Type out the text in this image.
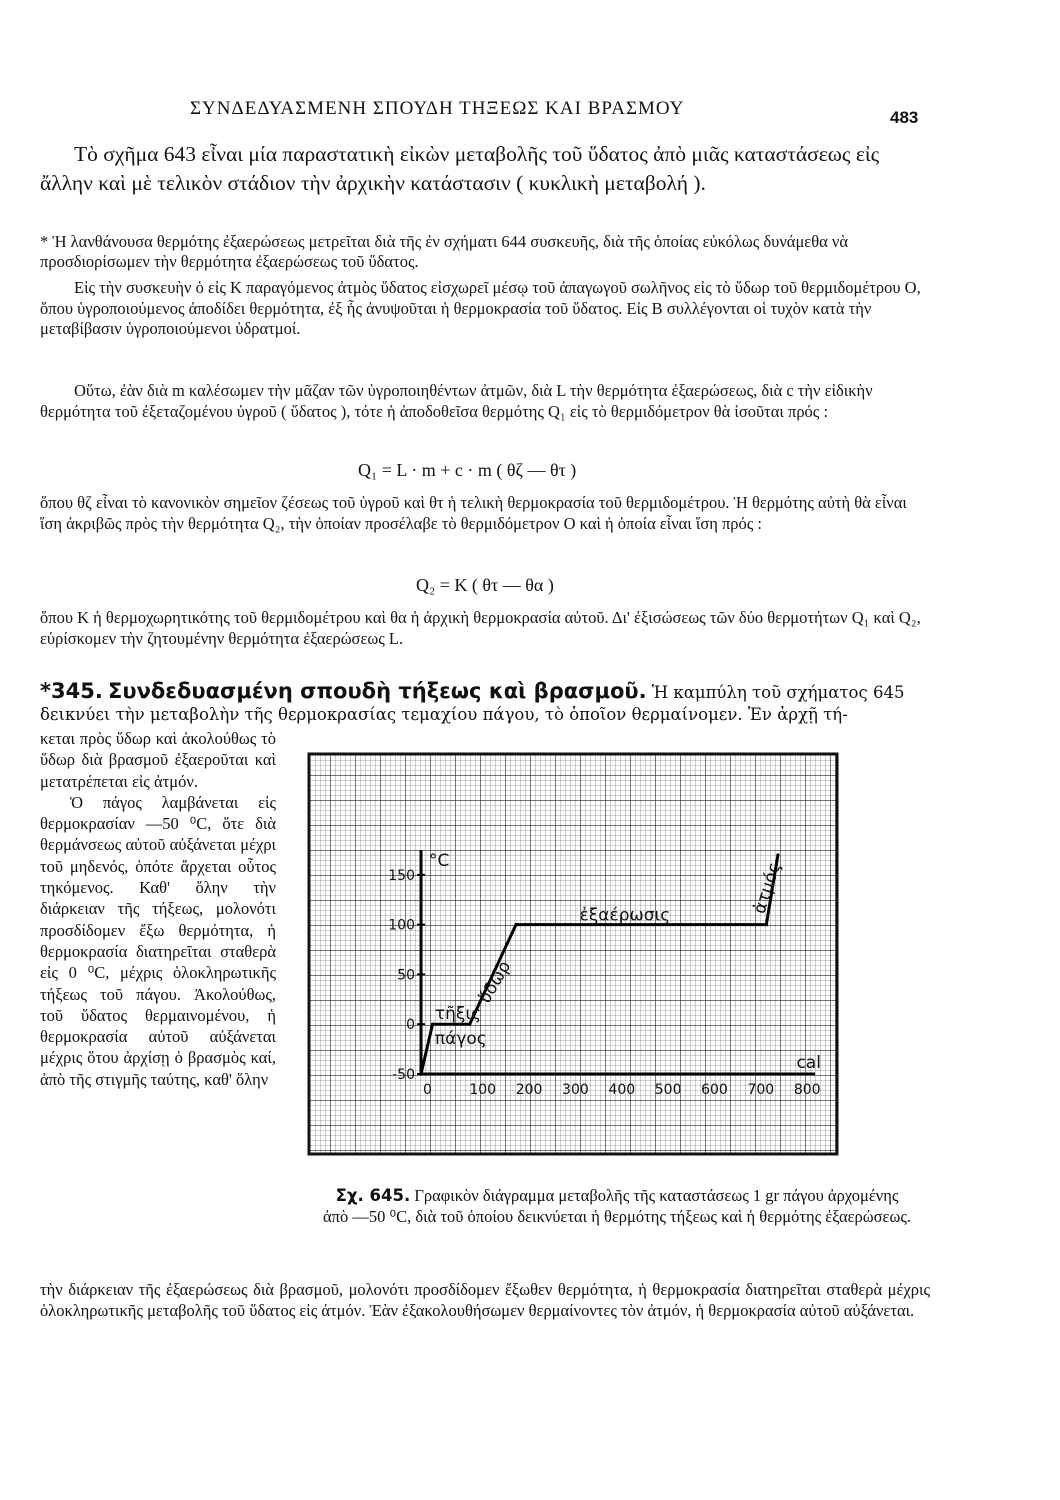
ΣΥΝΔΕΔΥΑΣΜΕΝΗ ΣΠΟΥΔΗ ΤΗΞΕΩΣ ΚΑΙ ΒΡΑΣΜΟΥ	483
Τὸ σχῆμα 643 εἶναι μία παραστατικὴ εἰκὼν μεταβολῆς τοῦ ὕδατος ἀπὸ μιᾶς καταστάσεως εἰς ἄλλην καὶ μὲ τελικὸν στάδιον τὴν ἀρχικὴν κατάστασιν ( κυκλικὴ μεταβολή ).
* Ἡ λανθάνουσα θερμότης ἐξαερώσεως μετρεῖται διὰ τῆς ἐν σχήματι 644 συσκευῆς, διὰ τῆς ὁποίας εὐκόλως δυνάμεθα νὰ προσδιορίσωμεν τὴν θερμότητα ἐξαερώσεως τοῦ ὕδατος.
Εἰς τὴν συσκευὴν ὁ εἰς Κ παραγόμενος ἀτμὸς ὕδατος εἰσχωρεῖ μέσῳ τοῦ ἀπαγωγοῦ σωλῆνος εἰς τὸ ὕδωρ τοῦ θερμιδομέτρου Ο, ὅπου ὑγροποιούμενος ἀποδίδει θερμότητα, ἐξ ἧς ἀνυψοῦται ἡ θερμοκρασία τοῦ ὕδατος. Εἰς Β συλλέγονται οἱ τυχὸν κατὰ τὴν μεταβίβασιν ὑγροποιούμενοι ὑδρατμοί.
Οὕτω, ἐὰν διὰ m καλέσωμεν τὴν μᾶζαν τῶν ὑγροποιηθέντων ἀτμῶν, διὰ L τὴν θερμότητα ἐξαερώσεως, διὰ c τὴν εἰδικὴν θερμότητα τοῦ ἐξεταζομένου ὑγροῦ ( ὕδατος ), τότε ἡ ἀποδοθεῖσα θερμότης Q₁ εἰς τὸ θερμιδόμετρον θὰ ἰσοῦται πρός :
Q₁ = L · m + c · m ( θζ — θτ )
ὅπου θζ εἶναι τὸ κανονικὸν σημεῖον ζέσεως τοῦ ὑγροῦ καὶ θτ ἡ τελικὴ θερμοκρασία τοῦ θερμιδομέτρου. Ἡ θερμότης αὐτὴ θὰ εἶναι ἴση ἀκριβῶς πρὸς τὴν θερμότητα Q₂, τὴν ὁποίαν προσέλαβε τὸ θερμιδόμετρον Ο καὶ ἡ ὁποία εἶναι ἴση πρός :
Q₂ = Κ ( θτ — θα )
ὅπου Κ ἡ θερμοχωρητικότης τοῦ θερμιδομέτρου καὶ θα ἡ ἀρχικὴ θερμοκρασία αὐτοῦ. Δι' ἐξισώσεως τῶν δύο θερμοτήτων Q₁ καὶ Q₂, εὑρίσκομεν τὴν ζητουμένην θερμότητα ἐξαερώσεως L.
*345. Συνδεδυασμένη σπουδὴ τήξεως καὶ βρασμοῦ. Ἡ καμπύλη τοῦ σχήματος 645 δεικνύει τὴν μεταβολὴν τῆς θερμοκρασίας τεμαχίου πάγου, τὸ ὁποῖον θερμαίνομεν. Ἐν ἀρχῇ τή-
κεται πρὸς ὕδωρ καὶ ἀκολούθως τὸ ὕδωρ διὰ βρασμοῦ ἐξαεροῦται καὶ μετατρέπεται εἰς ἀτμόν.
Ὁ πάγος λαμβάνεται εἰς θερμοκρασίαν —50 ⁰C, ὅτε διὰ θερμάνσεως αὐτοῦ αὐξάνεται μέχρι τοῦ μηδενός, ὁπότε ἄρχεται οὗτος τηκόμενος. Καθ' ὅλην τὴν διάρκειαν τῆς τήξεως, μολονότι προσδίδομεν ἔξω θερμότητα, ἡ θερμοκρασία διατηρεῖται σταθερὰ εἰς 0 ⁰C, μέχρις ὁλοκληρωτικῆς τήξεως τοῦ πάγου. Ἀκολούθως, τοῦ ὕδατος θερμαινομένου, ἡ θερμοκρασία αὐτοῦ αὐξάνεται μέχρις ὅτου ἀρχίσῃ ὁ βρασμὸς καί, ἀπὸ τῆς στιγμῆς ταύτης, καθ' ὅλην	-50
0
50
100
150
0	100 200 300 400 500 600 700 800
°C
cal
πάγος
τῆξις
ὕδωρ
ἐξαέρωσις	ἀτμός
Σχ. 645. Γραφικὸν διάγραμμα μεταβολῆς τῆς καταστάσεως 1 gr πάγου ἀρχομένης ἀπὸ —50 ⁰C, διὰ τοῦ ὁποίου δεικνύεται ἡ θερμότης τήξεως καὶ ἡ θερμότης ἐξαερώσεως.
τὴν διάρκειαν τῆς ἐξαερώσεως διὰ βρασμοῦ, μολονότι προσδίδομεν ἔξωθεν θερμότητα, ἡ θερμοκρασία διατηρεῖται σταθερὰ μέχρις ὁλοκληρωτικῆς μεταβολῆς τοῦ ὕδατος εἰς ἀτμόν. Ἐὰν ἐξακολουθήσωμεν θερμαίνοντες τὸν ἀτμόν, ἡ θερμοκρασία αὐτοῦ αὐξάνεται.
